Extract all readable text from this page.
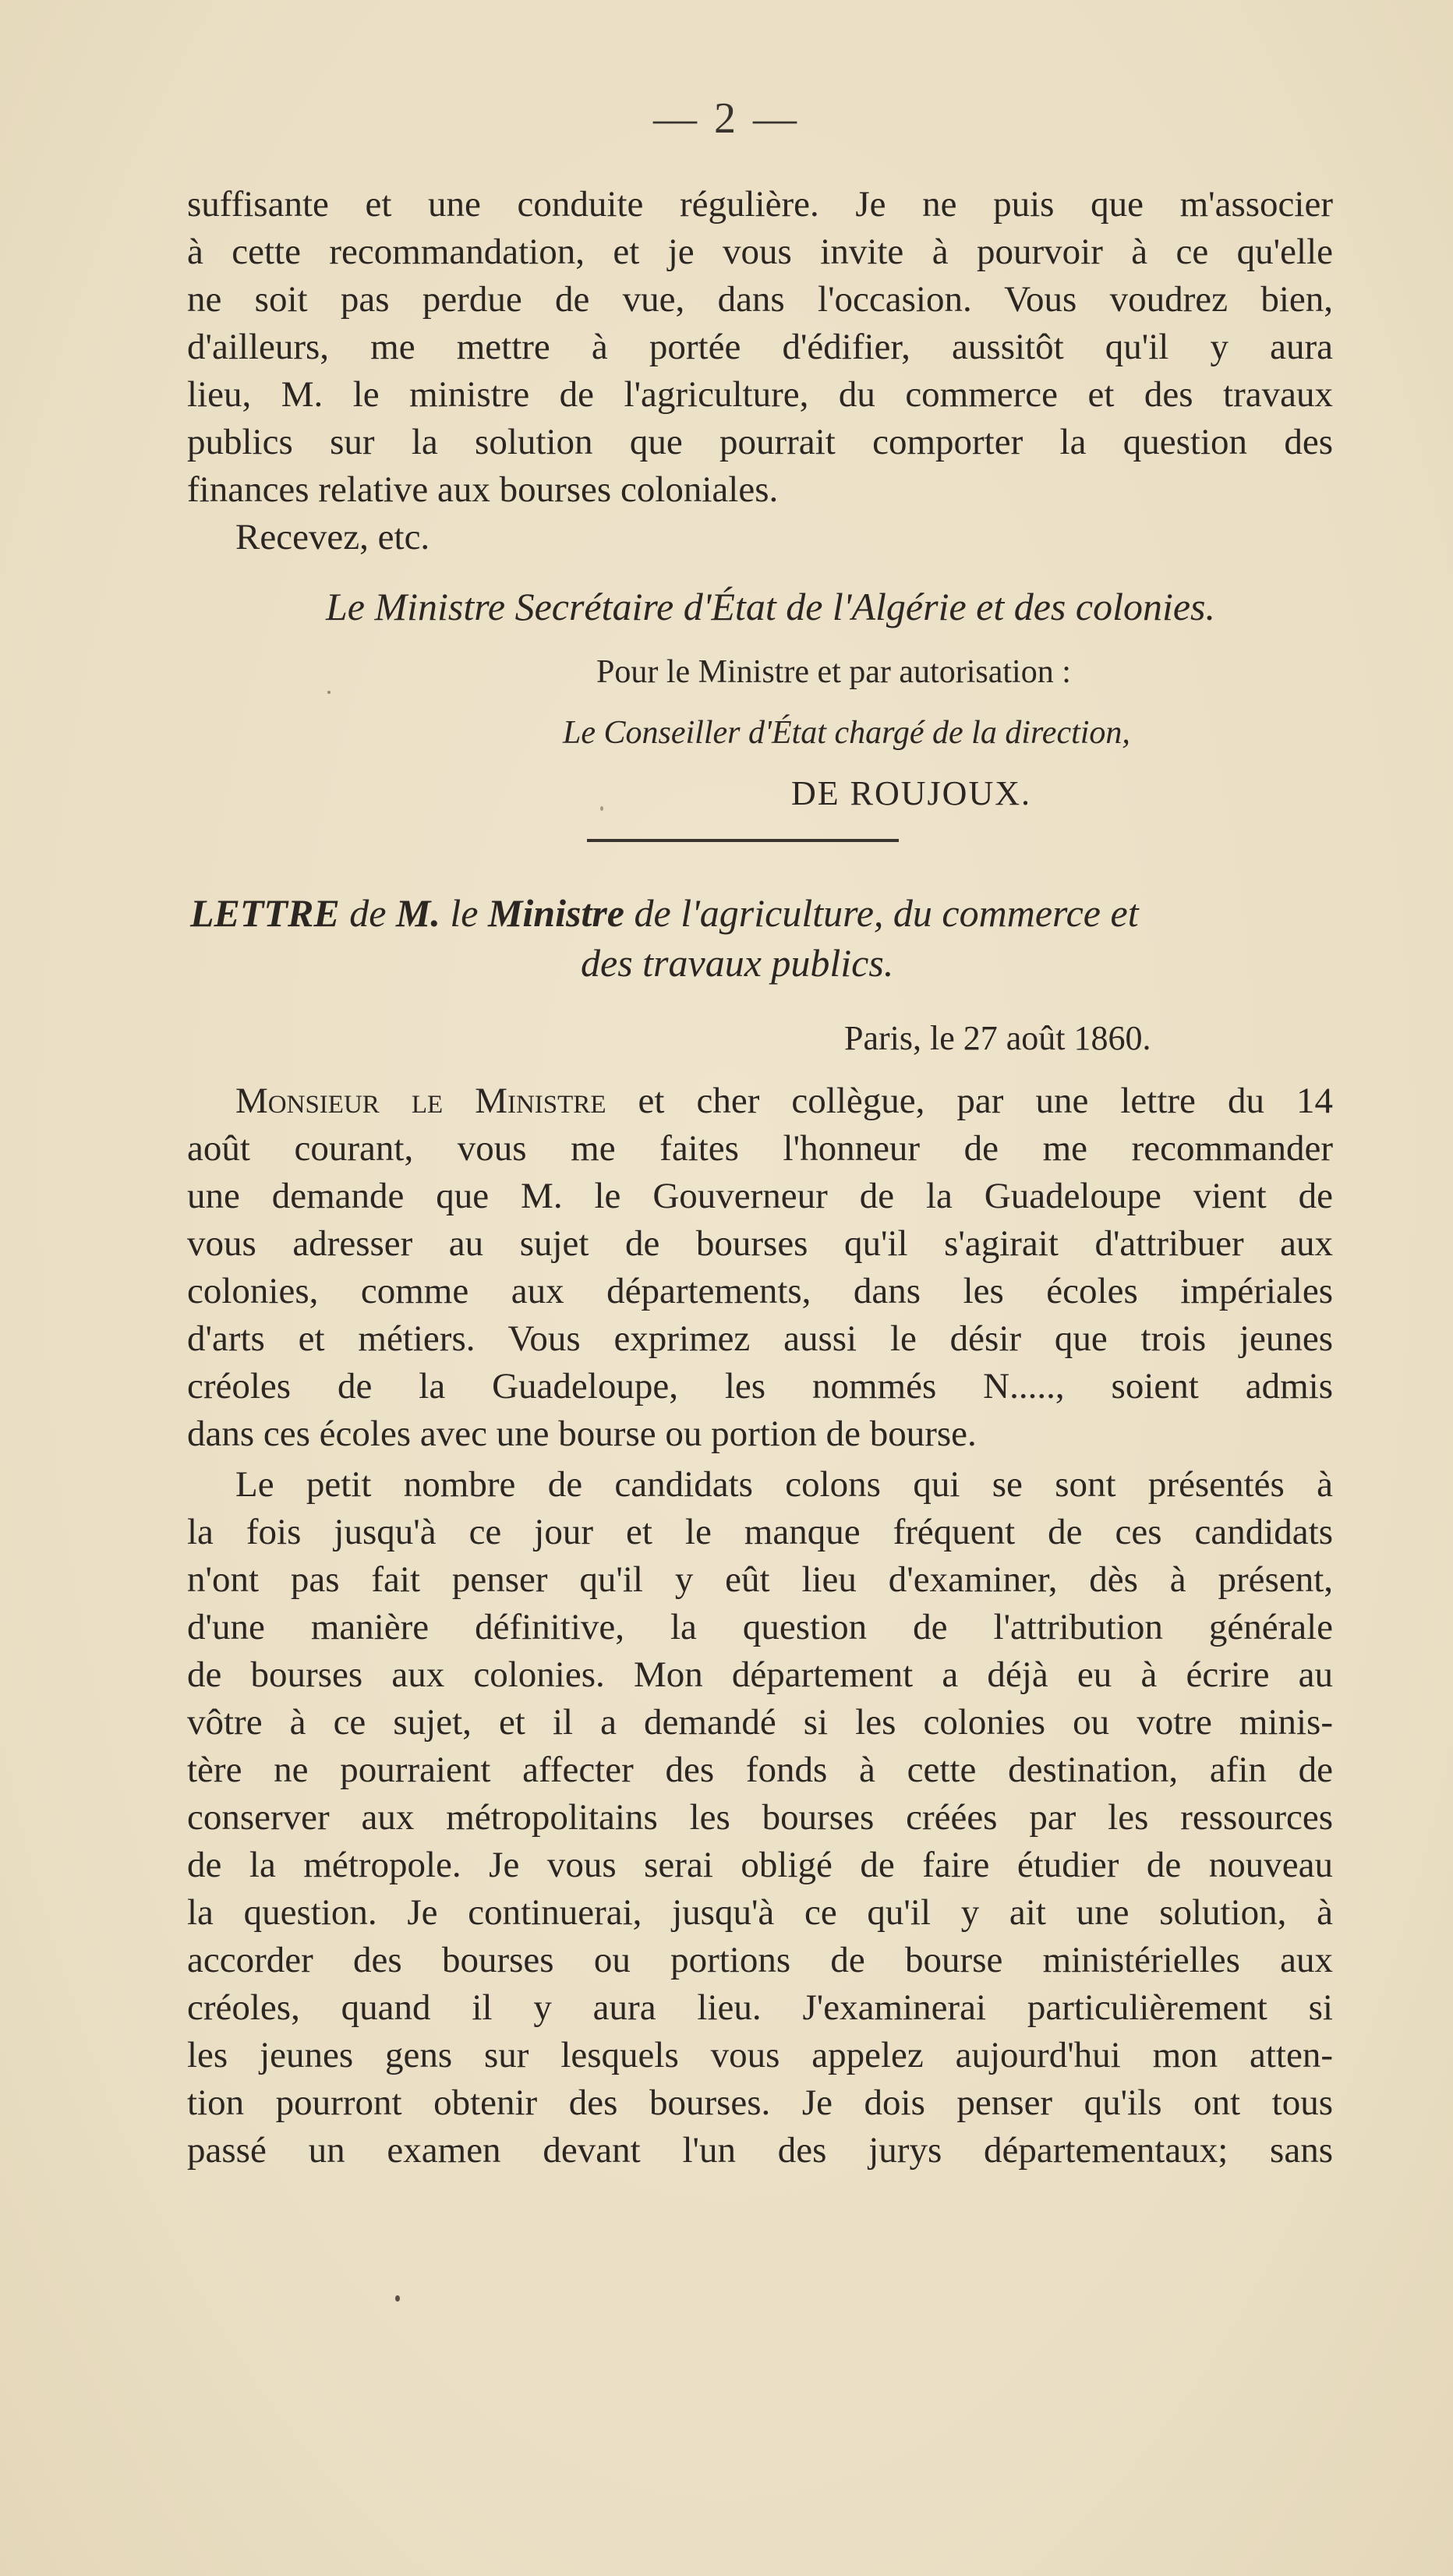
— 2 —
suffisante et une conduite régulière. Je ne puis que m'associer
à cette recommandation, et je vous invite à pourvoir à ce qu'elle
ne soit pas perdue de vue, dans l'occasion. Vous voudrez bien,
d'ailleurs, me mettre à portée d'édifier, aussitôt qu'il y aura
lieu, M. le ministre de l'agriculture, du commerce et des travaux
publics sur la solution que pourrait comporter la question des
finances relative aux bourses coloniales.
Recevez, etc.
Le Ministre Secrétaire d'État de l'Algérie et des colonies.
Pour le Ministre et par autorisation :
Le Conseiller d'État chargé de la direction,
DE ROUJOUX.
LETTRE de M. le Ministre de l'agriculture, du commerce et
des travaux publics.
Paris, le 27 août 1860.
Monsieur le Ministre et cher collègue, par une lettre du 14
août courant, vous me faites l'honneur de me recommander
une demande que M. le Gouverneur de la Guadeloupe vient de
vous adresser au sujet de bourses qu'il s'agirait d'attribuer aux
colonies, comme aux départements, dans les écoles impériales
d'arts et métiers. Vous exprimez aussi le désir que trois jeunes
créoles de la Guadeloupe, les nommés N....., soient admis
dans ces écoles avec une bourse ou portion de bourse.
Le petit nombre de candidats colons qui se sont présentés à
la fois jusqu'à ce jour et le manque fréquent de ces candidats
n'ont pas fait penser qu'il y eût lieu d'examiner, dès à présent,
d'une manière définitive, la question de l'attribution générale
de bourses aux colonies. Mon département a déjà eu à écrire au
vôtre à ce sujet, et il a demandé si les colonies ou votre minis-
tère ne pourraient affecter des fonds à cette destination, afin de
conserver aux métropolitains les bourses créées par les ressources
de la métropole. Je vous serai obligé de faire étudier de nouveau
la question. Je continuerai, jusqu'à ce qu'il y ait une solution, à
accorder des bourses ou portions de bourse ministérielles aux
créoles, quand il y aura lieu. J'examinerai particulièrement si
les jeunes gens sur lesquels vous appelez aujourd'hui mon atten-
tion pourront obtenir des bourses. Je dois penser qu'ils ont tous
passé un examen devant l'un des jurys départementaux; sans
